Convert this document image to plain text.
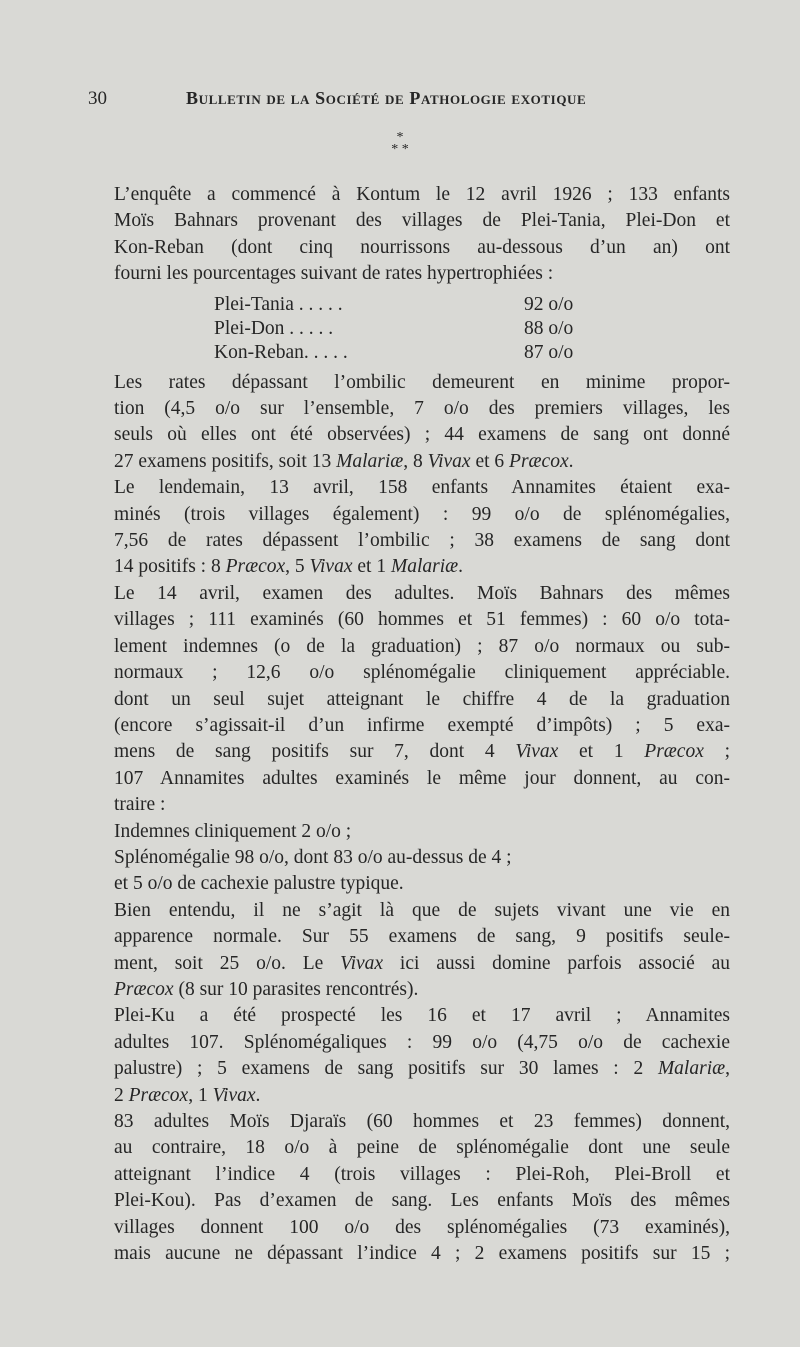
30	Bulletin de la Société de Pathologie exotique
*
* *
L’enquête a commencé à Kontum le 12 avril 1926 ; 133 enfants
Moïs Bahnars provenant des villages de Plei-Tania, Plei-Don et
Kon-Reban (dont cinq nourrissons au-dessous d’un an) ont
fourni les pourcentages suivant de rates hypertrophiées :
Plei-Tania . . . . .	92 o/o
Plei-Don . . . . .	88 o/o
Kon-Reban. . . . .	87 o/o
Les rates dépassant l’ombilic demeurent en minime propor-
tion (4,5 o/o sur l’ensemble, 7 o/o des premiers villages, les
seuls où elles ont été observées) ; 44 examens de sang ont donné
27 examens positifs, soit 13 Malariæ, 8 Vivax et 6 Præcox.
Le lendemain, 13 avril, 158 enfants Annamites étaient exa-
minés (trois villages également) : 99 o/o de splénomégalies,
7,56 de rates dépassent l’ombilic ; 38 examens de sang dont
14 positifs : 8 Præcox, 5 Vivax et 1 Malariæ.
Le 14 avril, examen des adultes. Moïs Bahnars des mêmes
villages ; 111 examinés (60 hommes et 51 femmes) : 60 o/o tota-
lement indemnes (o de la graduation) ; 87 o/o normaux ou sub-
normaux ; 12,6 o/o splénomégalie cliniquement appréciable.
dont un seul sujet atteignant le chiffre 4 de la graduation
(encore s’agissait-il d’un infirme exempté d’impôts) ; 5 exa-
mens de sang positifs sur 7, dont 4 Vivax et 1 Præcox ;
107 Annamites adultes examinés le même jour donnent, au con-
traire :
Indemnes cliniquement 2 o/o ;
Splénomégalie 98 o/o, dont 83 o/o au-dessus de 4 ;
et 5 o/o de cachexie palustre typique.
Bien entendu, il ne s’agit là que de sujets vivant une vie en
apparence normale. Sur 55 examens de sang, 9 positifs seule-
ment, soit 25 o/o. Le Vivax ici aussi domine parfois associé au
Præcox (8 sur 10 parasites rencontrés).
Plei-Ku a été prospecté les 16 et 17 avril ; Annamites
adultes 107. Splénomégaliques : 99 o/o (4,75 o/o de cachexie
palustre) ; 5 examens de sang positifs sur 30 lames : 2 Malariæ,
2 Præcox, 1 Vivax.
83 adultes Moïs Djaraïs (60 hommes et 23 femmes) donnent,
au contraire, 18 o/o à peine de splénomégalie dont une seule
atteignant l’indice 4 (trois villages : Plei-Roh, Plei-Broll et
Plei-Kou). Pas d’examen de sang. Les enfants Moïs des mêmes
villages donnent 100 o/o des splénomégalies (73 examinés),
mais aucune ne dépassant l’indice 4 ; 2 examens positifs sur 15 ;
